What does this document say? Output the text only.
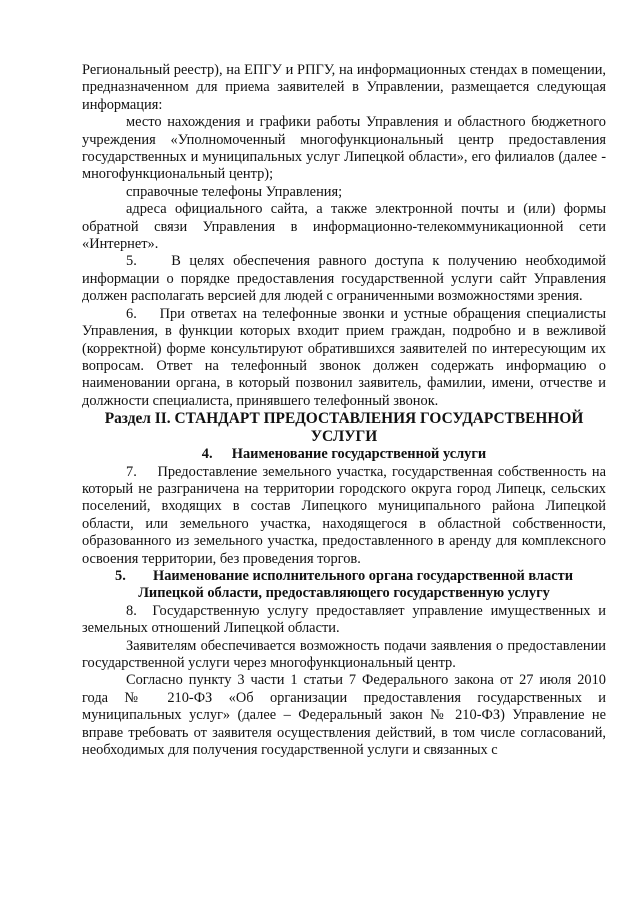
Региональный реестр), на ЕПГУ и РПГУ, на информационных стендах в помещении, предназначенном для приема заявителей в Управлении, размещается следующая информация:

место нахождения и графики работы Управления и областного бюджетного учреждения «Уполномоченный многофункциональный центр предоставления государственных и муниципальных услуг Липецкой области», его филиалов (далее - многофункциональный центр);

справочные телефоны Управления;

адреса официального сайта, а также электронной почты и (или) формы обратной связи Управления в информационно-телекоммуникационной сети «Интернет».

5.    В целях обеспечения равного доступа к получению необходимой информации о порядке предоставления государственной услуги сайт Управления должен располагать версией для людей с ограниченными возможностями зрения.

6.    При ответах на телефонные звонки и устные обращения специалисты Управления, в функции которых входит прием граждан, подробно и в вежливой (корректной) форме консультируют обратившихся заявителей по интересующим их вопросам. Ответ на телефонный звонок должен содержать информацию о наименовании органа, в который позвонил заявитель, фамилии, имени, отчестве и должности специалиста, принявшего телефонный звонок.

Раздел II. СТАНДАРТ ПРЕДОСТАВЛЕНИЯ ГОСУДАРСТВЕННОЙ УСЛУГИ

4. Наименование государственной услуги

7.    Предоставление земельного участка, государственная собственность на который не разграничена на территории городского округа город Липецк, сельских поселений, входящих в состав Липецкого муниципального района Липецкой области, или земельного участка, находящегося в областной собственности, образованного из земельного участка, предоставленного в аренду для комплексного освоения территории, без проведения торгов.

5. Наименование исполнительного органа государственной власти Липецкой области, предоставляющего государственную услугу

8.  Государственную услугу предоставляет управление имущественных и земельных отношений Липецкой области.

Заявителям обеспечивается возможность подачи заявления о предоставлении государственной услуги через многофункциональный центр.

Согласно пункту 3 части 1 статьи 7 Федерального закона от 27 июля 2010 года № 210-ФЗ «Об организации предоставления государственных и муниципальных услуг» (далее – Федеральный закон № 210-ФЗ) Управление не вправе требовать от заявителя осуществления действий, в том числе согласований, необходимых для получения государственной услуги и связанных с
